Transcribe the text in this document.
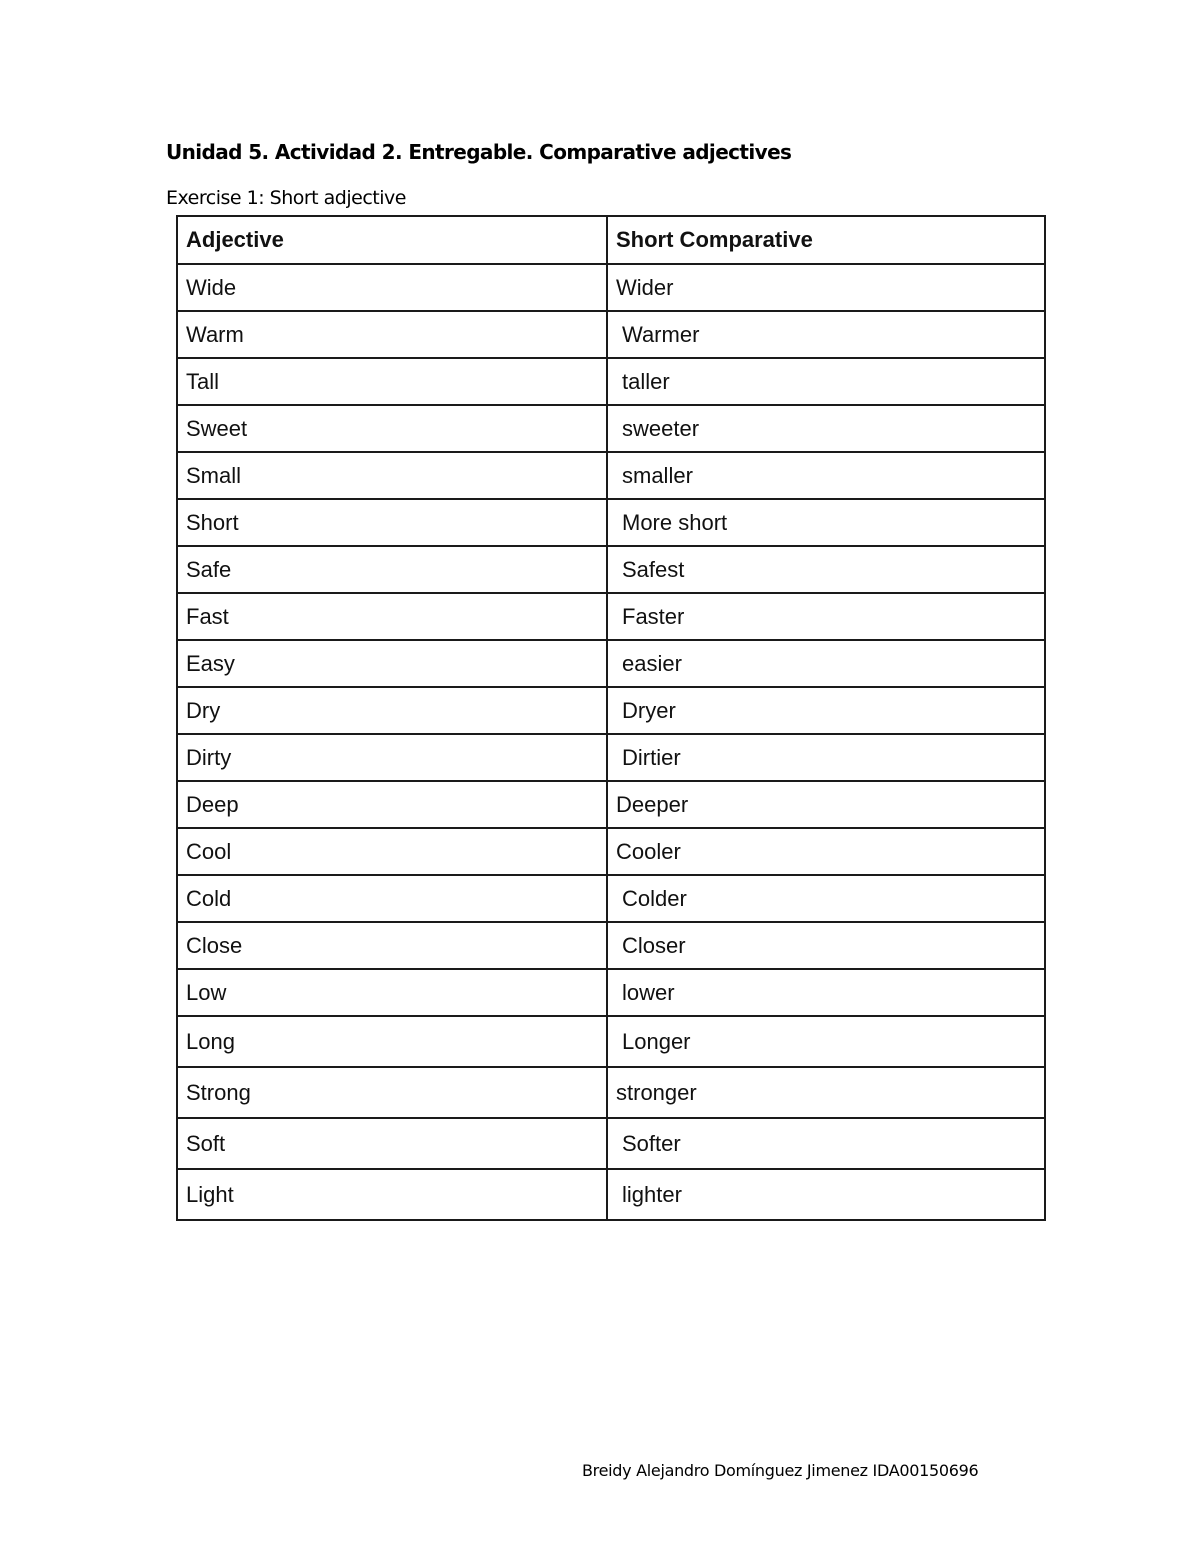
Unidad 5. Actividad 2. Entregable. Comparative adjectives
Exercise 1: Short adjective
Adjective	Short Comparative
Wide	Wider
Warm	Warmer
Tall	taller
Sweet	sweeter
Small	smaller
Short	More short
Safe	Safest
Fast	Faster
Easy	easier
Dry	Dryer
Dirty	Dirtier
Deep	Deeper
Cool	Cooler
Cold	Colder
Close	Closer
Low	lower
Long	Longer
Strong	stronger
Soft	Softer
Light	lighter
Breidy Alejandro Domínguez Jimenez IDA00150696
